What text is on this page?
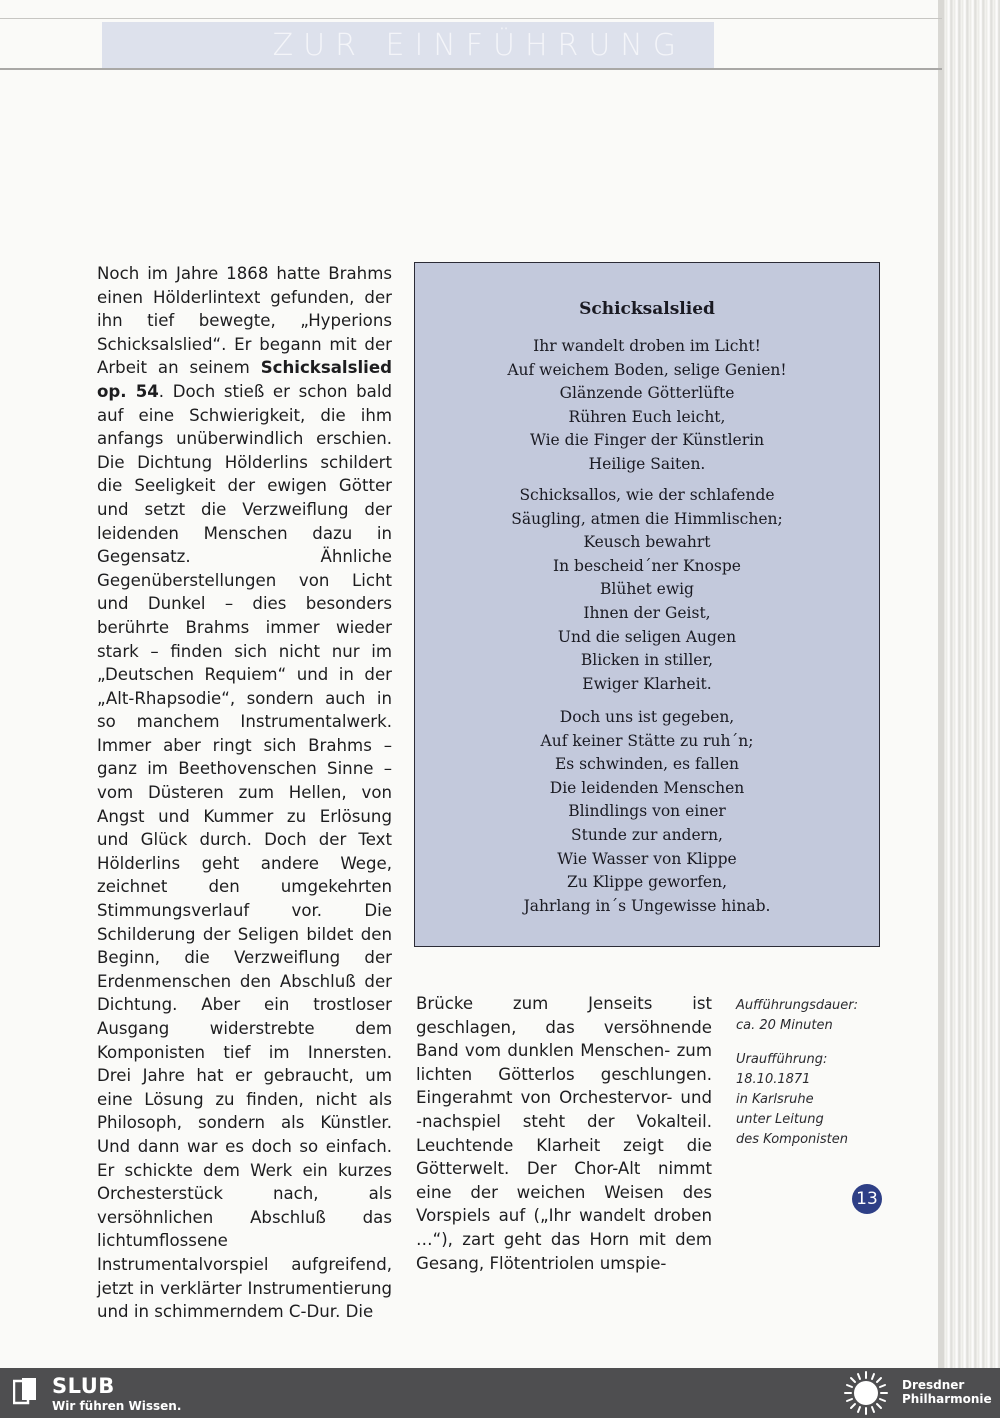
ZUR EINFÜHRUNG

Noch im Jahre 1868 hatte Brahms einen Hölderlintext gefunden, der ihn tief bewegte, „Hyperions Schicksalslied“. Er begann mit der Arbeit an seinem Schicksalslied op. 54. Doch stieß er schon bald auf eine Schwierigkeit, die ihm anfangs unüberwindlich erschien. Die Dichtung Hölderlins schildert die Seeligkeit der ewigen Götter und setzt die Verzweiflung der leidenden Menschen dazu in Gegensatz. Ähnliche Gegenüberstellungen von Licht und Dunkel – dies besonders berührte Brahms immer wieder stark – finden sich nicht nur im „Deutschen Requiem“ und in der „Alt-Rhapsodie“, sondern auch in so manchem Instrumentalwerk. Immer aber ringt sich Brahms – ganz im Beethovenschen Sinne – vom Düsteren zum Hellen, von Angst und Kummer zu Erlösung und Glück durch. Doch der Text Hölderlins geht andere Wege, zeichnet den umgekehrten Stimmungsverlauf vor. Die Schilderung der Seligen bildet den Beginn, die Verzweiflung der Erdenmenschen den Abschluß der Dichtung. Aber ein trostloser Ausgang widerstrebte dem Komponisten tief im Innersten. Drei Jahre hat er gebraucht, um eine Lösung zu finden, nicht als Philosoph, sondern als Künstler. Und dann war es doch so einfach. Er schickte dem Werk ein kurzes Orchesterstück nach, als versöhnlichen Abschluß das lichtumflossene Instrumentalvorspiel aufgreifend, jetzt in verklärter Instrumentierung und in schimmerndem C-Dur. Die

Schicksalslied
Ihr wandelt droben im Licht!
Auf weichem Boden, selige Genien!
Glänzende Götterlüfte
Rühren Euch leicht,
Wie die Finger der Künstlerin
Heilige Saiten.
Schicksallos, wie der schlafende
Säugling, atmen die Himmlischen;
Keusch bewahrt
In bescheid´ner Knospe
Blühet ewig
Ihnen der Geist,
Und die seligen Augen
Blicken in stiller,
Ewiger Klarheit.
Doch uns ist gegeben,
Auf keiner Stätte zu ruh´n;
Es schwinden, es fallen
Die leidenden Menschen
Blindlings von einer
Stunde zur andern,
Wie Wasser von Klippe
Zu Klippe geworfen,
Jahrlang in´s Ungewisse hinab.

Brücke zum Jenseits ist geschlagen, das versöhnende Band vom dunklen Menschen- zum lichten Götterlos geschlungen. Eingerahmt von Orchestervor- und -nachspiel steht der Vokalteil. Leuchtende Klarheit zeigt die Götterwelt. Der Chor-Alt nimmt eine der weichen Weisen des Vorspiels auf („Ihr wandelt droben …“), zart geht das Horn mit dem Gesang, Flötentriolen umspie-

Aufführungsdauer:
ca. 20 Minuten
Uraufführung:
18.10.1871
in Karlsruhe
unter Leitung
des Komponisten
13
SLUB
Wir führen Wissen.
Dresdner
Philharmonie
